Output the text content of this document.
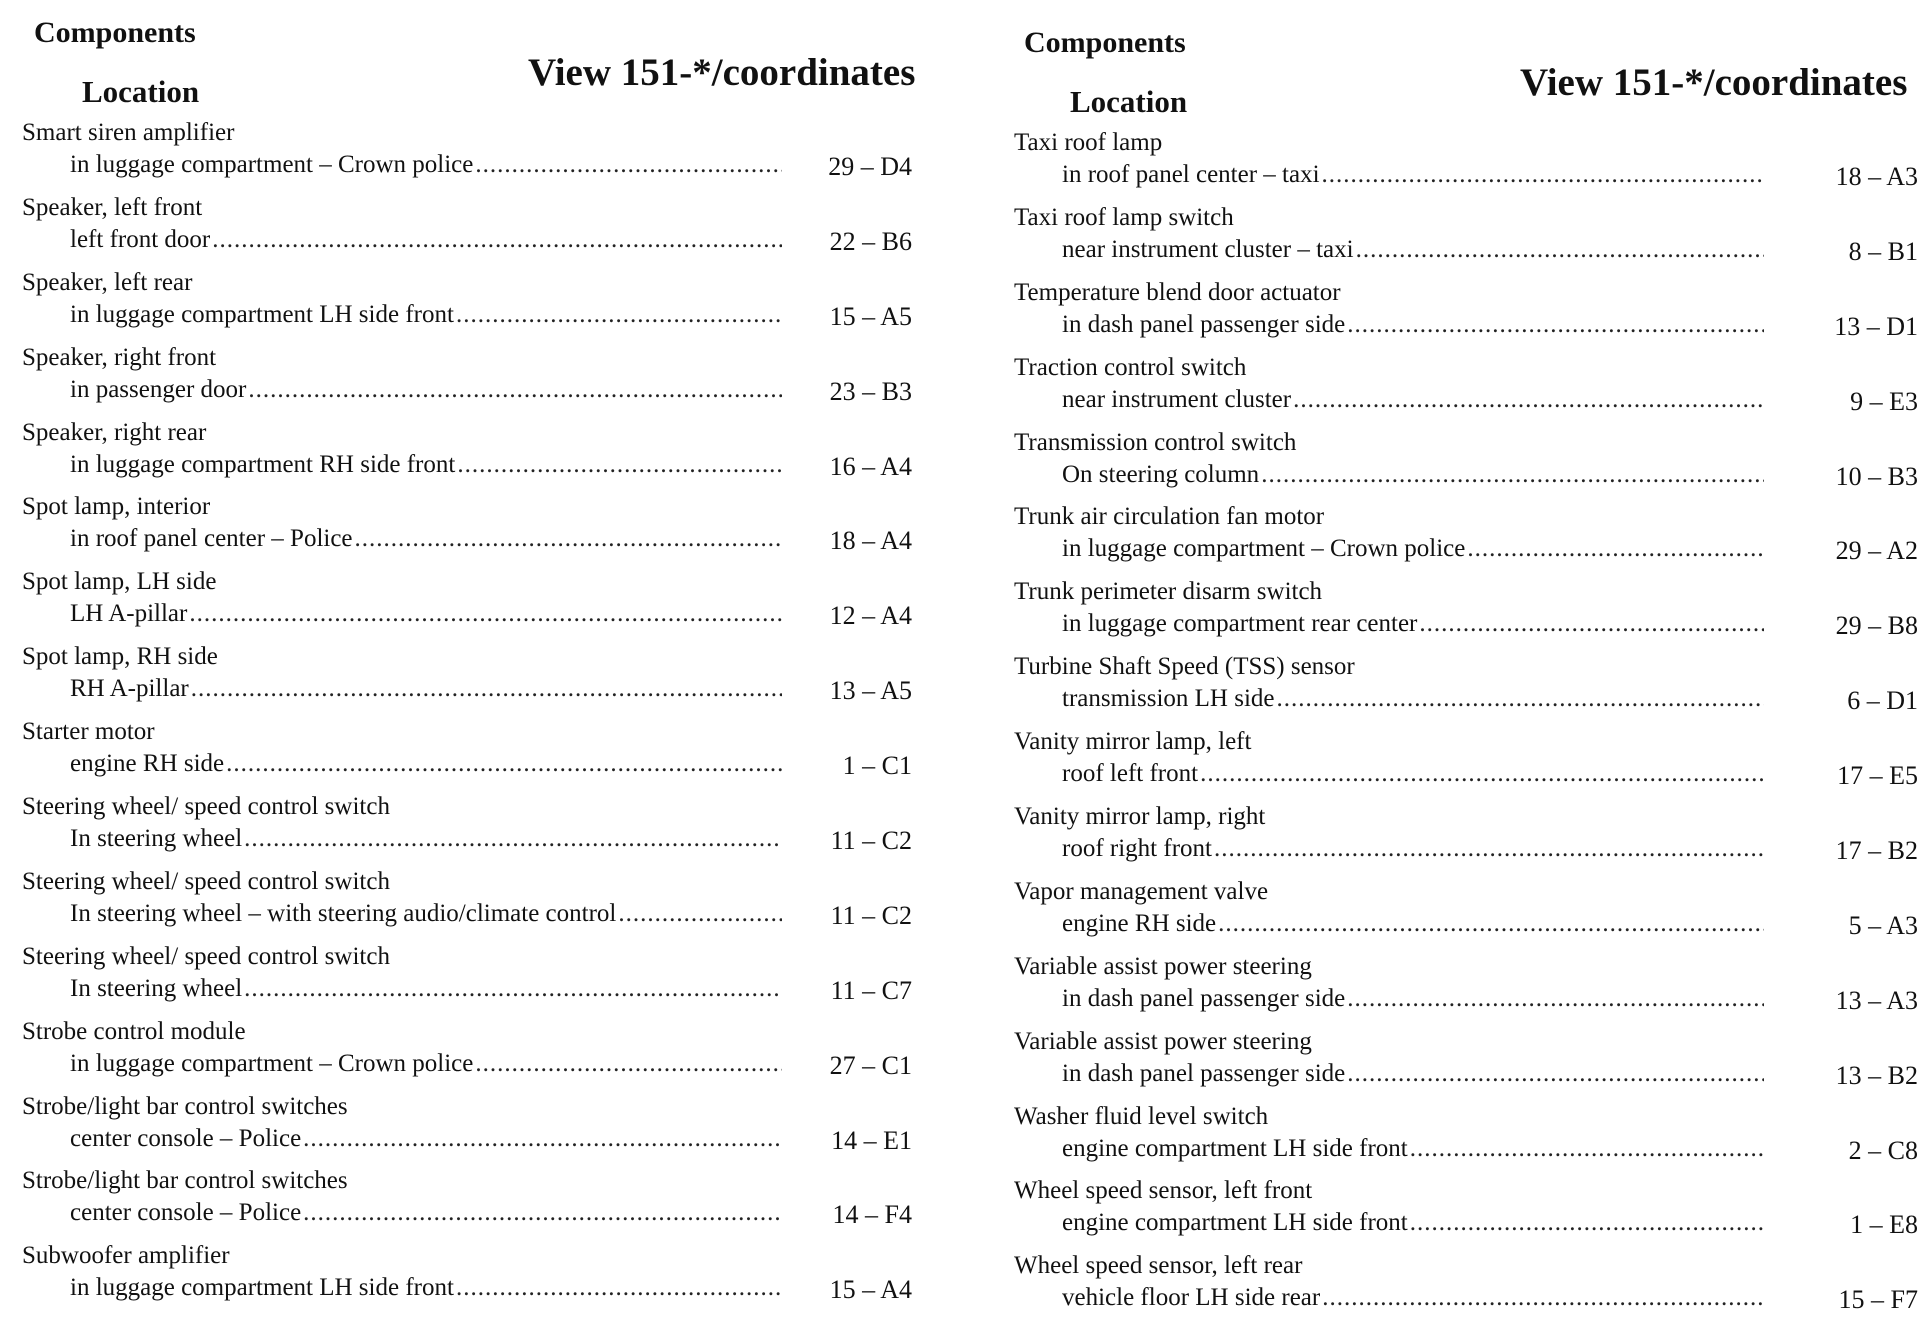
Components
Location	View 151-*/coordinates
Smart siren amplifier
in luggage compartment – Crown police .....	29 – D4
Speaker, left front
left front door .....	22 – B6
Speaker, left rear
in luggage compartment LH side front .....	15 – A5
Speaker, right front
in passenger door .....	23 – B3
Speaker, right rear
in luggage compartment RH side front .....	16 – A4
Spot lamp, interior
in roof panel center – Police .....	18 – A4
Spot lamp, LH side
LH A-pillar .....	12 – A4
Spot lamp, RH side
RH A-pillar .....	13 – A5
Starter motor
engine RH side .....	1 – C1
Steering wheel/ speed control switch
In steering wheel .....	11 – C2
Steering wheel/ speed control switch
In steering wheel – with steering audio/climate control .....	11 – C2
Steering wheel/ speed control switch
In steering wheel .....	11 – C7
Strobe control module
in luggage compartment – Crown police .....	27 – C1
Strobe/light bar control switches
center console – Police .....	14 – E1
Strobe/light bar control switches
center console – Police .....	14 – F4
Subwoofer amplifier
in luggage compartment LH side front .....	15 – A4
Components
Location	View 151-*/coordinates
Taxi roof lamp
in roof panel center – taxi .....	18 – A3
Taxi roof lamp switch
near instrument cluster – taxi .....	8 – B1
Temperature blend door actuator
in dash panel passenger side .....	13 – D1
Traction control switch
near instrument cluster .....	9 – E3
Transmission control switch
On steering column .....	10 – B3
Trunk air circulation fan motor
in luggage compartment – Crown police .....	29 – A2
Trunk perimeter disarm switch
in luggage compartment rear center .....	29 – B8
Turbine Shaft Speed (TSS) sensor
transmission LH side .....	6 – D1
Vanity mirror lamp, left
roof left front .....	17 – E5
Vanity mirror lamp, right
roof right front .....	17 – B2
Vapor management valve
engine RH side .....	5 – A3
Variable assist power steering
in dash panel passenger side .....	13 – A3
Variable assist power steering
in dash panel passenger side .....	13 – B2
Washer fluid level switch
engine compartment LH side front .....	2 – C8
Wheel speed sensor, left front
engine compartment LH side front .....	1 – E8
Wheel speed sensor, left rear
vehicle floor LH side rear .....	15 – F7
